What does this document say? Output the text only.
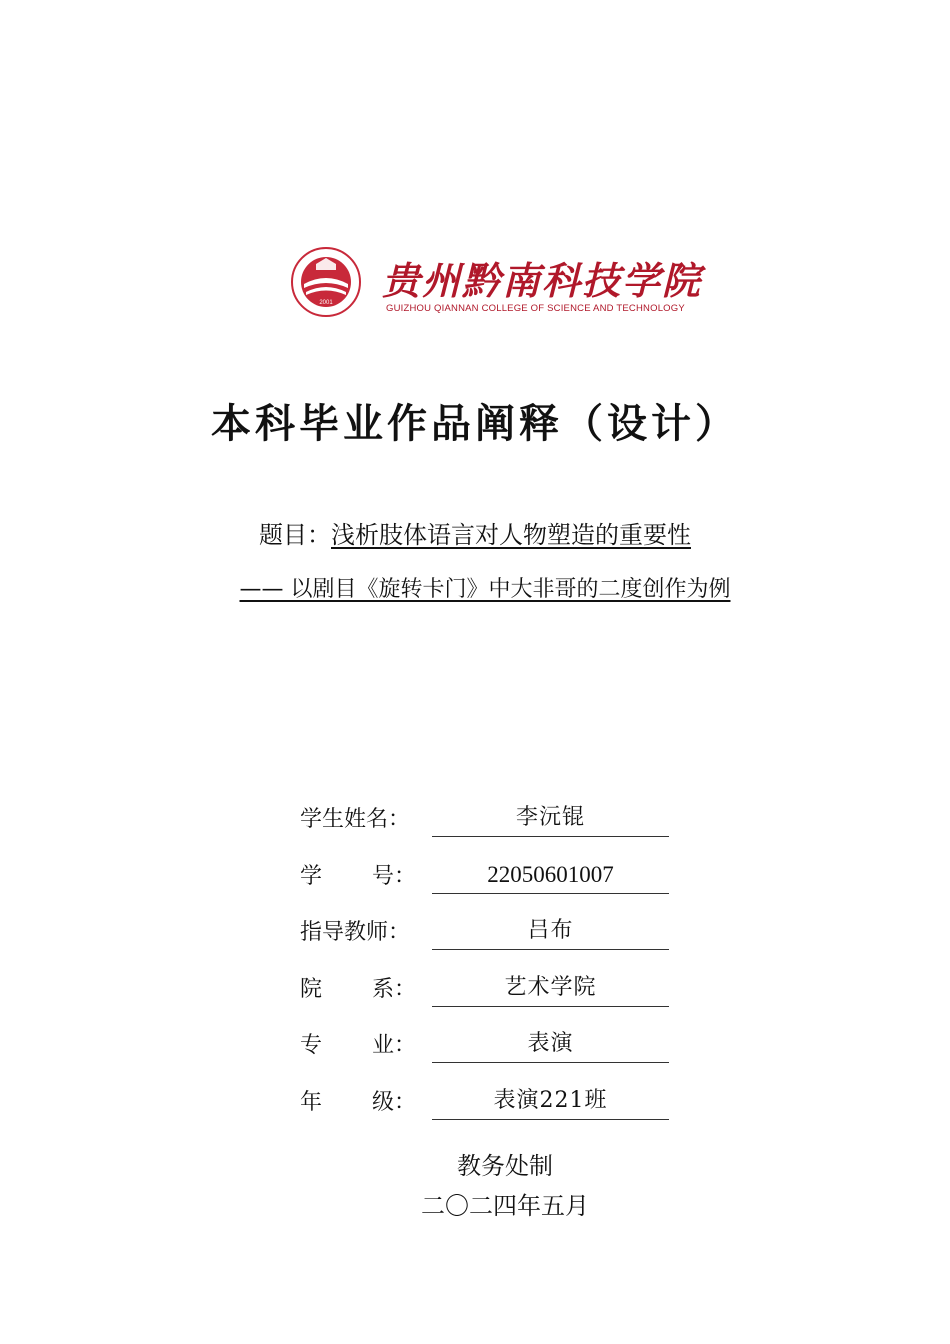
2001 贵州黔南科技学院
GUIZHOU QIANNAN COLLEGE OF SCIENCE AND TECHNOLOGY
本科毕业作品阐释（设计）
题目：浅析肢体语言对人物塑造的重要性
—— 以剧目《旋转卡门》中大非哥的二度创作为例
学生姓名：	李沅锟
学 号：	22050601007
指导教师：	吕布
院 系：	艺术学院
专 业：	表演
年 级：	表演221班
教务处制
二〇二四年五月
